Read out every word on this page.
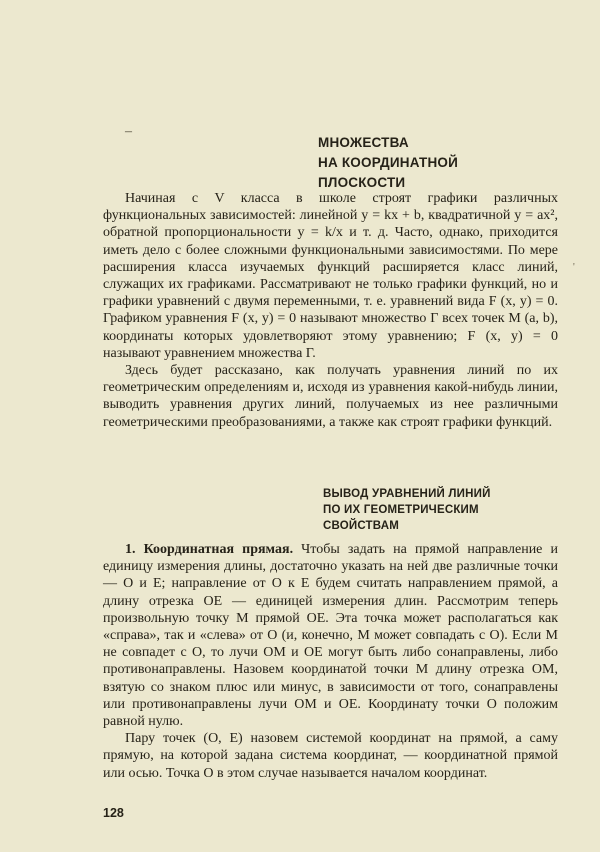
–
МНОЖЕСТВА
НА КООРДИНАТНОЙ
ПЛОСКОСТИ
'

Начиная с V класса в школе строят графики различных функциональных зависимостей: линейной y = kx + b, квадратичной y = ax², обратной пропорциональности y = k/x и т. д. Часто, однако, приходится иметь дело с более сложными функциональными зависимостями. По мере расширения класса изучаемых функций расширяется класс линий, служащих их графиками. Рассматривают не только графики функций, но и графики уравнений с двумя переменными, т. е. уравнений вида F (x, y) = 0. Графиком уравнения F (x, y) = 0 называют множество Г всех точек M (a, b), координаты которых удовлетворяют этому уравнению; F (x, y) = 0 называют уравнением множества Г.

Здесь будет рассказано, как получать уравнения линий по их геометрическим определениям и, исходя из уравнения какой-нибудь линии, выводить уравнения других линий, получаемых из нее различными геометрическими преобразованиями, а также как строят графики функций.

ВЫВОД УРАВНЕНИЙ ЛИНИЙ
ПО ИХ ГЕОМЕТРИЧЕСКИМ
СВОЙСТВАМ

1. Координатная прямая. Чтобы задать на прямой направление и единицу измерения длины, достаточно указать на ней две различные точки — O и E; направление от O к E будем считать направлением прямой, а длину отрезка OE — единицей измерения длин. Рассмотрим теперь произвольную точку M прямой OE. Эта точка может располагаться как «справа», так и «слева» от O (и, конечно, M может совпадать с O). Если M не совпадет с O, то лучи OM и OE могут быть либо сонаправлены, либо противонаправлены. Назовем координатой точки M длину отрезка OM, взятую со знаком плюс или минус, в зависимости от того, сонаправлены или противонаправлены лучи OM и OE. Координату точки O положим равной нулю.

Пару точек (O, E) назовем системой координат на прямой, а саму прямую, на которой задана система координат, — координатной прямой или осью. Точка O в этом случае называется началом координат.

128
